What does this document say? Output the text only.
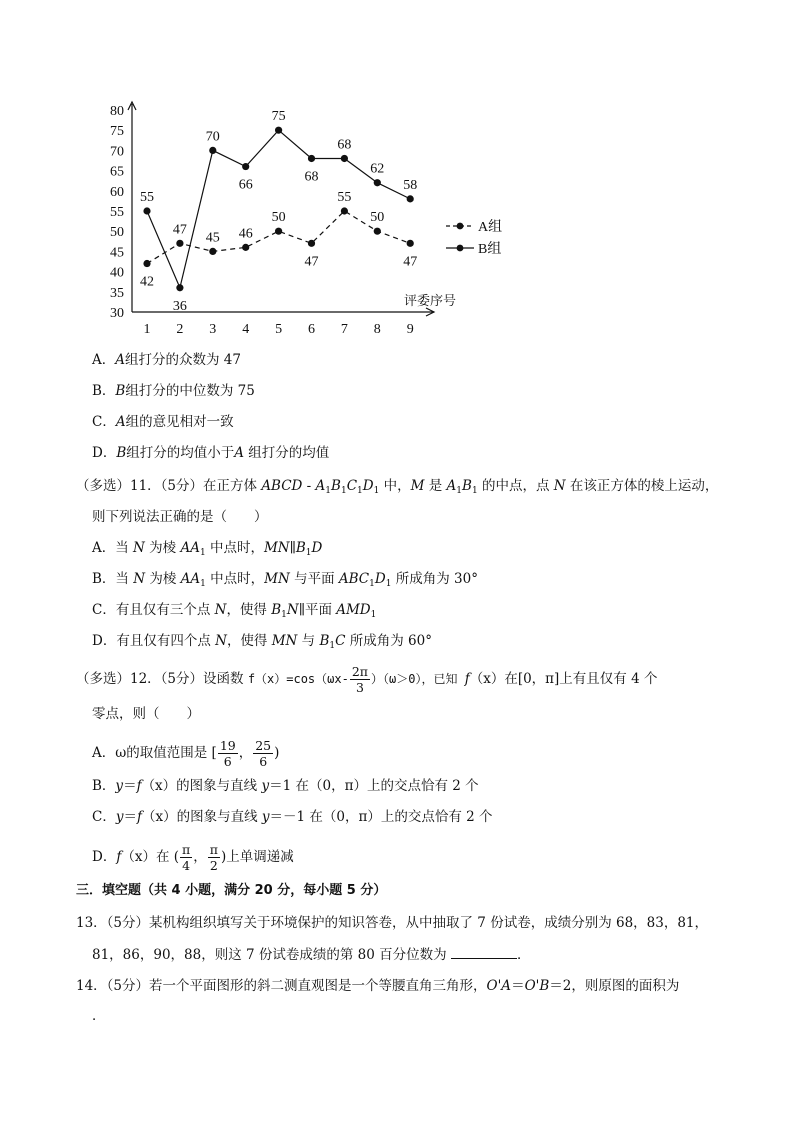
30
35
40
45
50
55
60
65
70
75
80
1 2 3 4 5 6 7 8 9
42
47
45 46
50
47
55
50
47
55
36
70
66
75
68
68
62
58
A组
B组
评委序号
A．A组打分的众数为 47
B．B组打分的中位数为 75
C．A组的意见相对一致
D．B组打分的均值小于A 组打分的均值
（多选）11．（5分）在正方体 ABCD - $A_1B_1C_1D_1$ 中，M 是 $A_1B_1$ 的中点，点 N 在该正方体的棱上运动，
则下列说法正确的是（　　）
A．当 N 为棱 $AA_1$ 中点时，$MN\parallel B_1D$
B．当 N 为棱 $AA_1$ 中点时，MN 与平面 $ABC_1D_1$ 所成角为 30°
C．有且仅有三个点 N，使得 $B_1N\parallel$平面 $AMD_1$
D．有且仅有四个点 N，使得 MN 与 $B_1C$ 所成角为 60°
（多选）12．（5分）设函数 $f(x)=\cos(\omega x- \frac{2\pi}{3} )(\omega>0)$，已知 f（x）在[0，π]上有且仅有 4 个
零点，则（　　）
A．ω的取值范围是 [ $\frac{19}{6}$ ， $\frac{25}{6}$ )
B．y＝f（x）的图象与直线 y＝1 在（0，π）上的交点恰有 2 个
C．y＝f（x）的图象与直线 y＝－1 在（0，π）上的交点恰有 2 个
D．f（x）在 ( $\frac{\pi}{4}$ ， $\frac{\pi}{2}$ )上单调递减
三．填空题（共 4 小题，满分 20 分，每小题 5 分）
13．（5分）某机构组织填写关于环境保护的知识答卷，从中抽取了 7 份试卷，成绩分别为 68，83，81，
81，86，90，88，则这 7 份试卷成绩的第 80 百分位数为	．
14．（5分）若一个平面图形的斜二测直观图是一个等腰直角三角形，O'A＝O'B＝2，则原图的面积为
．
